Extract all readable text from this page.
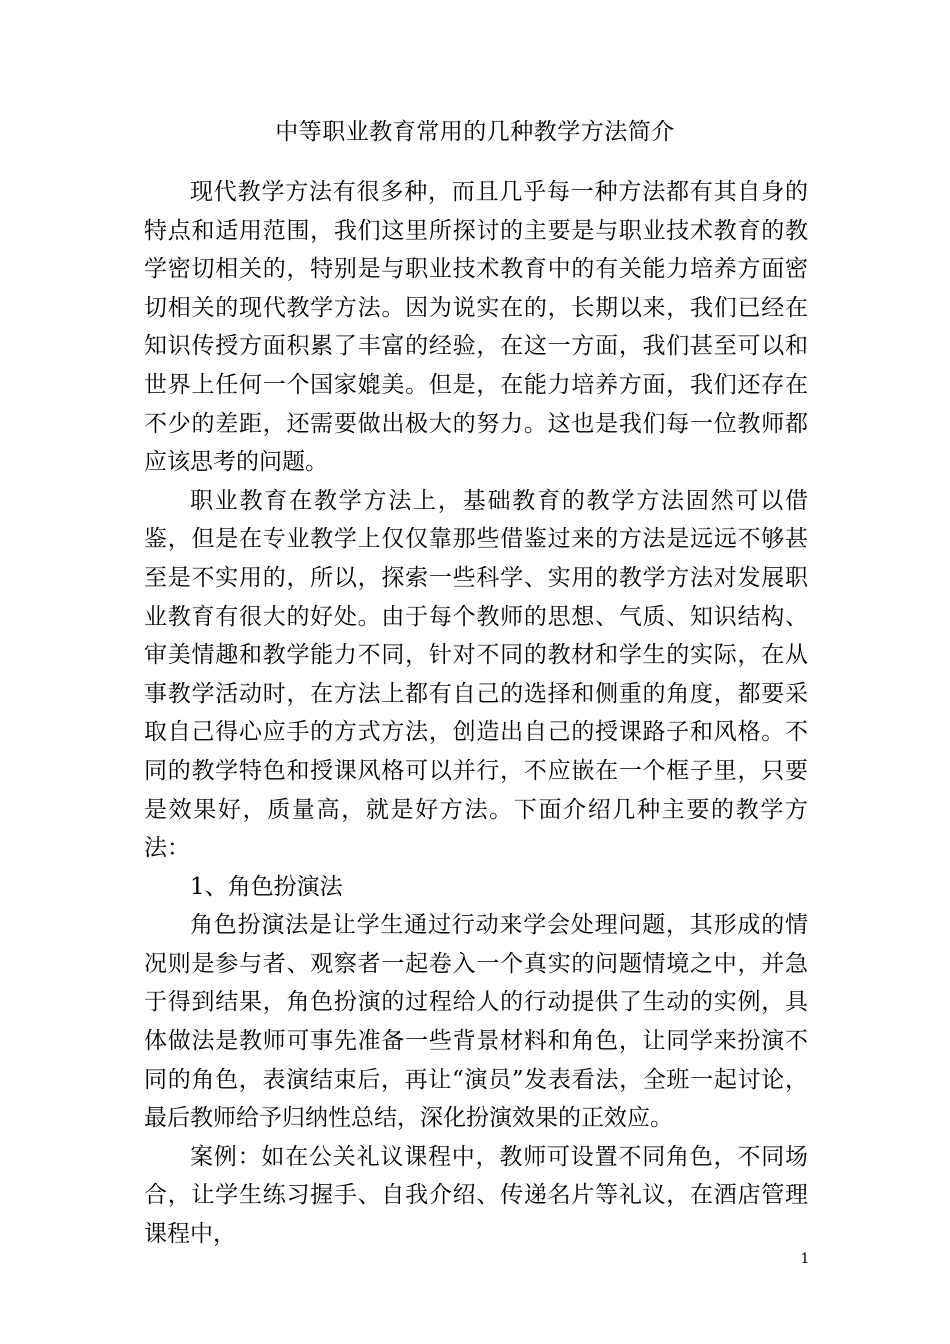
中等职业教育常用的几种教学方法简介

现代教学方法有很多种，而且几乎每一种方法都有其自身的特点和适用范围，我们这里所探讨的主要是与职业技术教育的教学密切相关的，特别是与职业技术教育中的有关能力培养方面密切相关的现代教学方法。因为说实在的，长期以来，我们已经在知识传授方面积累了丰富的经验，在这一方面，我们甚至可以和世界上任何一个国家媲美。但是，在能力培养方面，我们还存在不少的差距，还需要做出极大的努力。这也是我们每一位教师都应该思考的问题。

职业教育在教学方法上，基础教育的教学方法固然可以借鉴，但是在专业教学上仅仅靠那些借鉴过来的方法是远远不够甚至是不实用的，所以，探索一些科学、实用的教学方法对发展职业教育有很大的好处。由于每个教师的思想、气质、知识结构、审美情趣和教学能力不同，针对不同的教材和学生的实际，在从事教学活动时，在方法上都有自己的选择和侧重的角度，都要采取自己得心应手的方式方法，创造出自己的授课路子和风格。不同的教学特色和授课风格可以并行，不应嵌在一个框子里，只要是效果好，质量高，就是好方法。下面介绍几种主要的教学方法：

1、角色扮演法

角色扮演法是让学生通过行动来学会处理问题，其形成的情况则是参与者、观察者一起卷入一个真实的问题情境之中，并急于得到结果，角色扮演的过程给人的行动提供了生动的实例，具体做法是教师可事先准备一些背景材料和角色，让同学来扮演不同的角色，表演结束后，再让“演员”发表看法，全班一起讨论，最后教师给予归纳性总结，深化扮演效果的正效应。

案例：如在公关礼议课程中，教师可设置不同角色，不同场合，让学生练习握手、自我介绍、传递名片等礼议，在酒店管理课程中，

1
